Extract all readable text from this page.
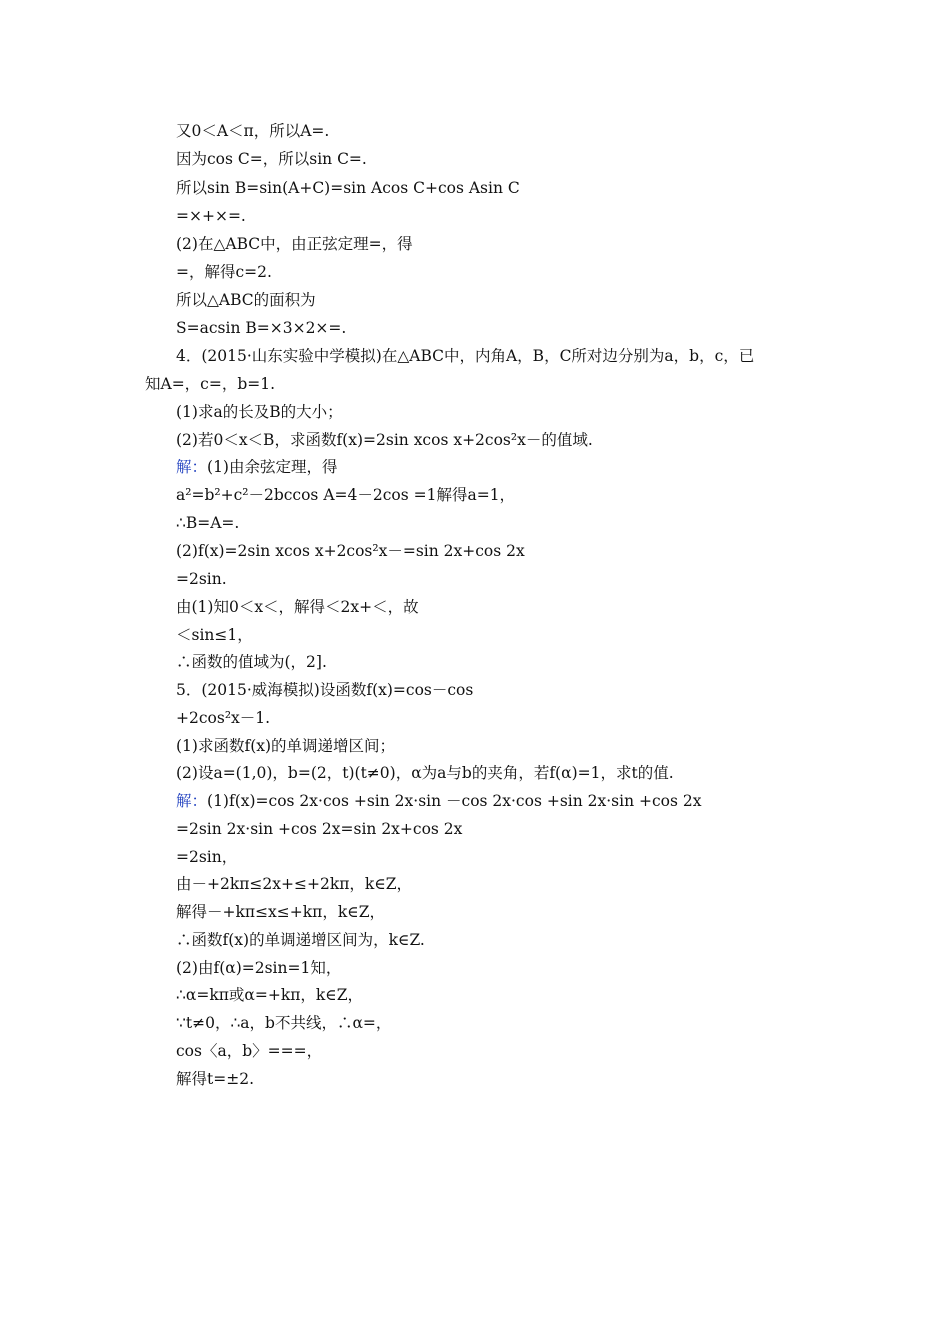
又0＜A＜π，所以A=.
因为cos C=，所以sin C=.
所以sin B=sin(A+C)=sin Acos C+cos Asin C
=×+×=.
(2)在△ABC中，由正弦定理=，得
=，解得c=2.
所以△ABC的面积为
S=acsin B=×3×2×=.
4．(2015·山东实验中学模拟)在△ABC中，内角A，B，C所对边分别为a，b，c，已
知A=，c=，b=1.
(1)求a的长及B的大小；
(2)若0＜x＜B，求函数f(x)=2sin xcos x+2cos²x－的值域.
解：(1)由余弦定理，得
a²=b²+c²－2bccos A=4－2cos =1解得a=1，
∴B=A=.
(2)f(x)=2sin xcos x+2cos²x－=sin 2x+cos 2x
=2sin.
由(1)知0＜x＜，解得＜2x+＜，故
＜sin≤1，
∴函数的值域为(，2].
5．(2015·威海模拟)设函数f(x)=cos－cos
+2cos²x－1.
(1)求函数f(x)的单调递增区间；
(2)设a=(1,0)，b=(2，t)(t≠0)，α为a与b的夹角，若f(α)=1，求t的值.
解：(1)f(x)=cos 2x·cos +sin 2x·sin －cos 2x·cos +sin 2x·sin +cos 2x
=2sin 2x·sin +cos 2x=sin 2x+cos 2x
=2sin，
由－+2kπ≤2x+≤+2kπ，k∈Z，
解得－+kπ≤x≤+kπ，k∈Z，
∴函数f(x)的单调递增区间为，k∈Z.
(2)由f(α)=2sin=1知，
∴α=kπ或α=+kπ，k∈Z，
∵t≠0，∴a，b不共线，∴α=，
cos〈a，b〉===，
解得t=±2.
